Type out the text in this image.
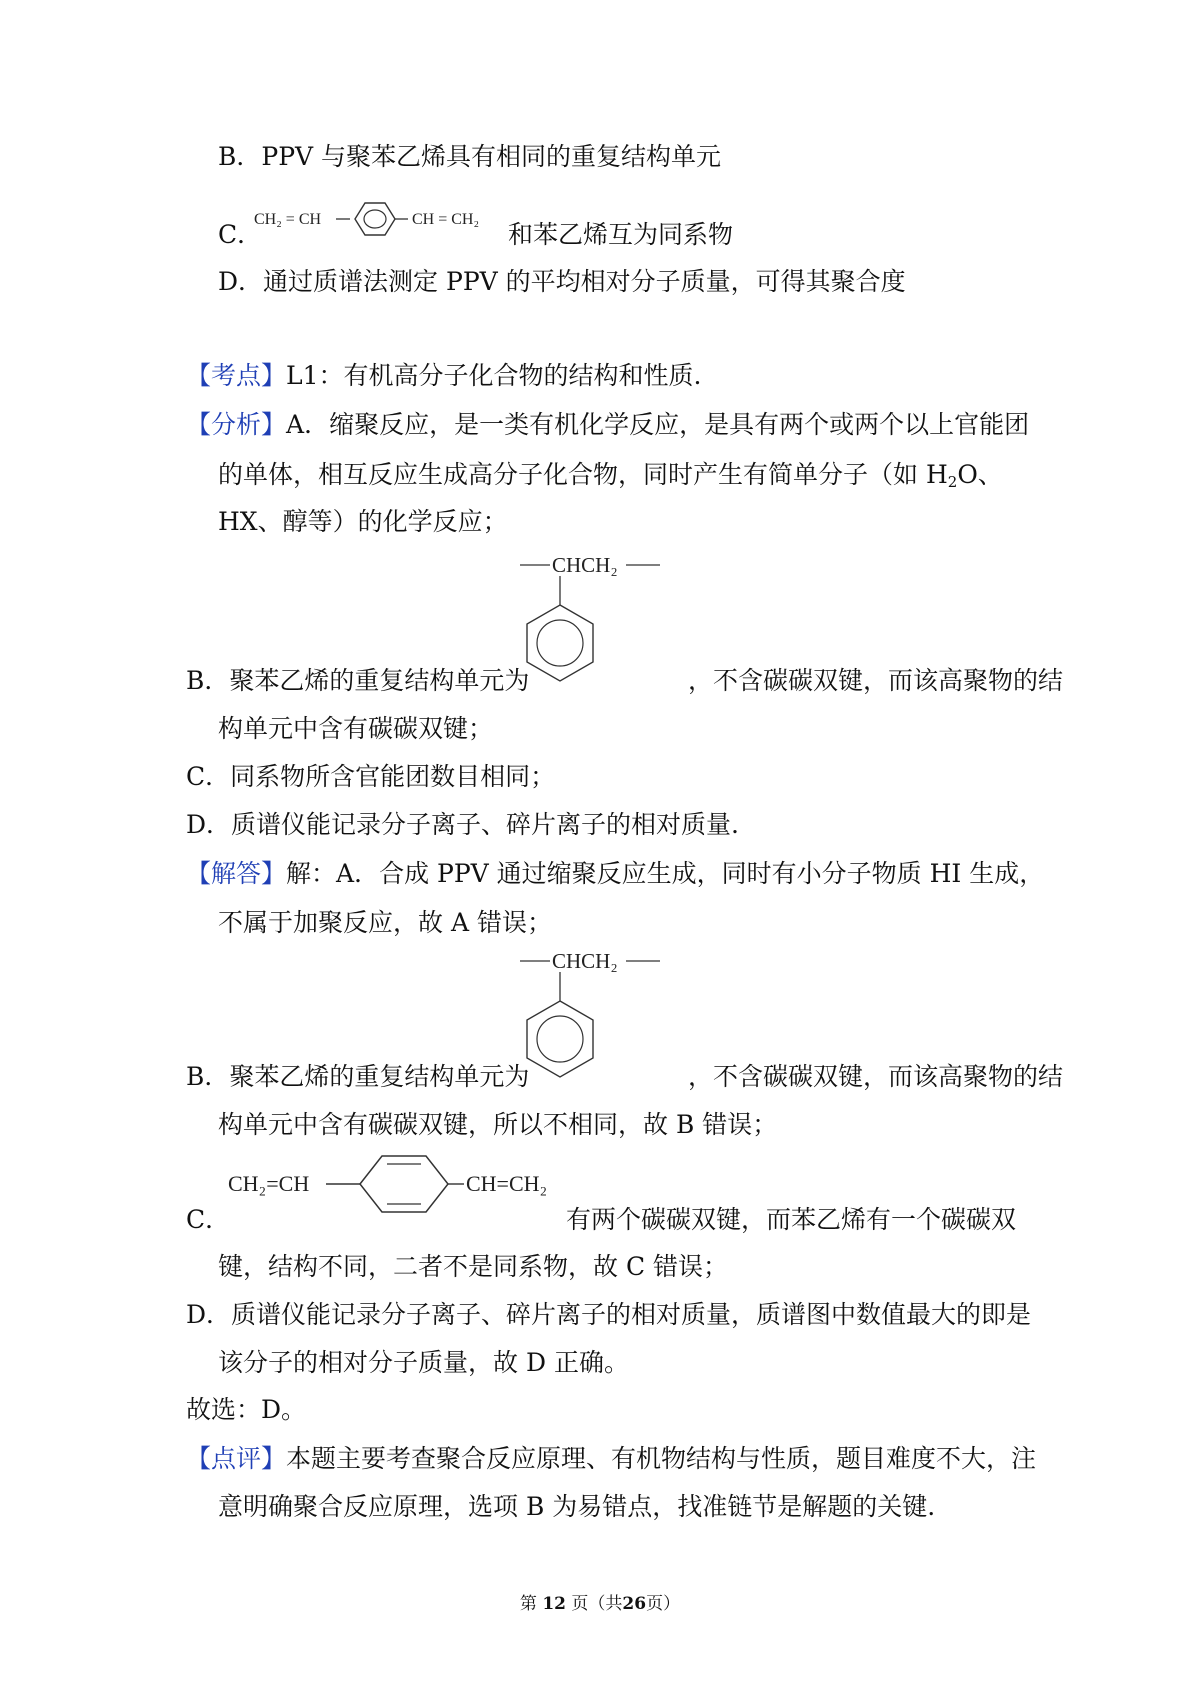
B．PPV 与聚苯乙烯具有相同的重复结构单元
C．
CH₂ = CH	CH = CH₂
和苯乙烯互为同系物
D．通过质谱法测定 PPV 的平均相对分子质量，可得其聚合度
【考点】L1：有机高分子化合物的结构和性质.
【分析】A．缩聚反应，是一类有机化学反应，是具有两个或两个以上官能团
的单体，相互反应生成高分子化合物，同时产生有简单分子（如 $H_2O$、
HX、醇等）的化学反应；
CHCH₂
B．聚苯乙烯的重复结构单元为	，不含碳碳双键，而该高聚物的结
构单元中含有碳碳双键；
C．同系物所含官能团数目相同；
D．质谱仪能记录分子离子、碎片离子的相对质量.
【解答】解：A．合成 PPV 通过缩聚反应生成，同时有小分子物质 HI 生成，
不属于加聚反应，故 A 错误；
CHCH₂
B．聚苯乙烯的重复结构单元为	，不含碳碳双键，而该高聚物的结
构单元中含有碳碳双键，所以不相同，故 B 错误；
C．
CH₂=CH	CH=CH₂
有两个碳碳双键，而苯乙烯有一个碳碳双
键，结构不同，二者不是同系物，故 C 错误；
D．质谱仪能记录分子离子、碎片离子的相对质量，质谱图中数值最大的即是
该分子的相对分子质量，故 D 正确。
故选：D。
【点评】本题主要考查聚合反应原理、有机物结构与性质，题目难度不大，注
意明确聚合反应原理，选项 B 为易错点，找准链节是解题的关键.
第 12 页（共26页）
